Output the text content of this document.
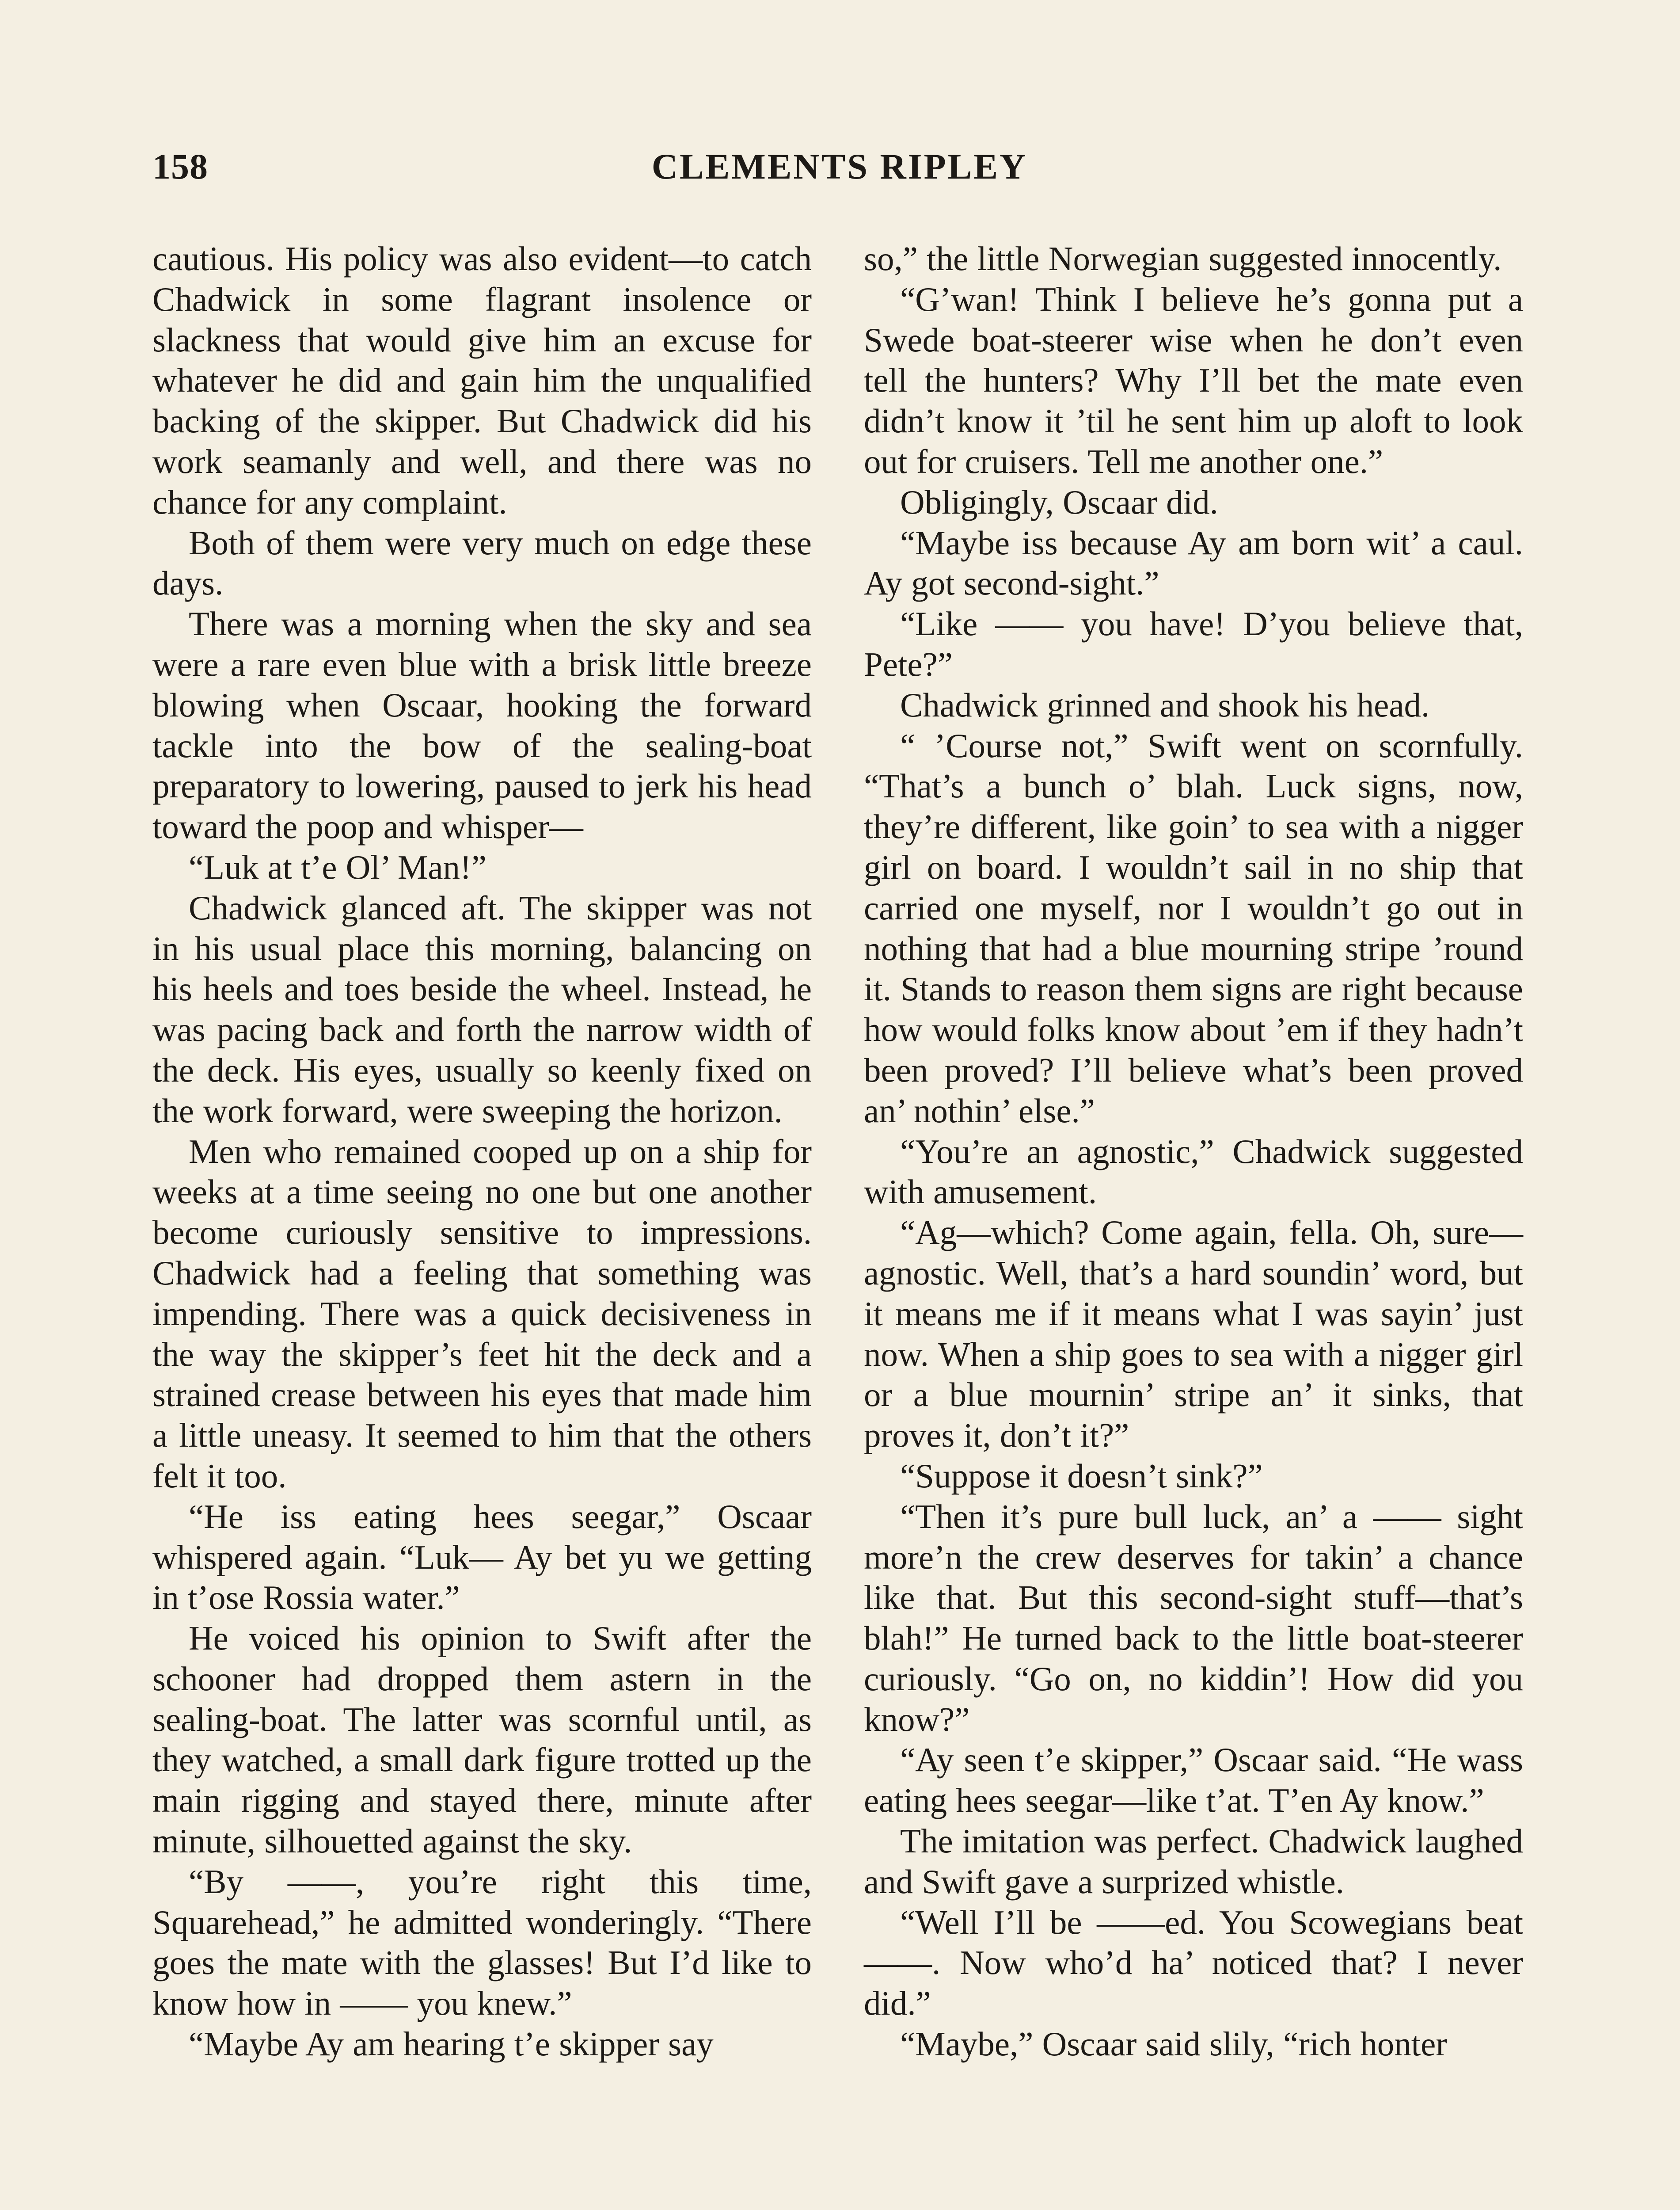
158	CLEMENTS RIPLEY

cautious. His policy was also evident—to catch Chadwick in some flagrant insolence or slackness that would give him an excuse for whatever he did and gain him the unqualified backing of the skipper. But Chadwick did his work seamanly and well, and there was no chance for any complaint.

Both of them were very much on edge these days.

There was a morning when the sky and sea were a rare even blue with a brisk little breeze blowing when Oscaar, hooking the forward tackle into the bow of the sealing-boat preparatory to lowering, paused to jerk his head toward the poop and whisper—

“Luk at t’e Ol’ Man!”

Chadwick glanced aft. The skipper was not in his usual place this morning, balancing on his heels and toes beside the wheel. Instead, he was pacing back and forth the narrow width of the deck. His eyes, usually so keenly fixed on the work forward, were sweeping the horizon.

Men who remained cooped up on a ship for weeks at a time seeing no one but one another become curiously sensitive to impressions. Chadwick had a feeling that something was impending. There was a quick decisiveness in the way the skipper’s feet hit the deck and a strained crease between his eyes that made him a little uneasy. It seemed to him that the others felt it too.

“He iss eating hees seegar,” Oscaar whispered again. “Luk— Ay bet yu we getting in t’ose Rossia water.”

He voiced his opinion to Swift after the schooner had dropped them astern in the sealing-boat. The latter was scornful until, as they watched, a small dark figure trotted up the main rigging and stayed there, minute after minute, silhouetted against the sky.

“By ——, you’re right this time, Squarehead,” he admitted wonderingly. “There goes the mate with the glasses! But I’d like to know how in —— you knew.”

“Maybe Ay am hearing t’e skipper say

so,” the little Norwegian suggested innocently.

“G’wan! Think I believe he’s gonna put a Swede boat-steerer wise when he don’t even tell the hunters? Why I’ll bet the mate even didn’t know it ’til he sent him up aloft to look out for cruisers. Tell me another one.”

Obligingly, Oscaar did.

“Maybe iss because Ay am born wit’ a caul. Ay got second-sight.”

“Like —— you have! D’you believe that, Pete?”

Chadwick grinned and shook his head.

“ ’Course not,” Swift went on scornfully. “That’s a bunch o’ blah. Luck signs, now, they’re different, like goin’ to sea with a nigger girl on board. I wouldn’t sail in no ship that carried one myself, nor I wouldn’t go out in nothing that had a blue mourning stripe ’round it. Stands to reason them signs are right because how would folks know about ’em if they hadn’t been proved? I’ll believe what’s been proved an’ nothin’ else.”

“You’re an agnostic,” Chadwick suggested with amusement.

“Ag—which? Come again, fella. Oh, sure—agnostic. Well, that’s a hard soundin’ word, but it means me if it means what I was sayin’ just now. When a ship goes to sea with a nigger girl or a blue mournin’ stripe an’ it sinks, that proves it, don’t it?”

“Suppose it doesn’t sink?”

“Then it’s pure bull luck, an’ a —— sight more’n the crew deserves for takin’ a chance like that. But this second-sight stuff—that’s blah!” He turned back to the little boat-steerer curiously. “Go on, no kiddin’! How did you know?”

“Ay seen t’e skipper,” Oscaar said. “He wass eating hees seegar—like t’at. T’en Ay know.”

The imitation was perfect. Chadwick laughed and Swift gave a surprized whistle.

“Well I’ll be ——ed. You Scowegians beat ——. Now who’d ha’ noticed that? I never did.”

“Maybe,” Oscaar said slily, “rich honter
